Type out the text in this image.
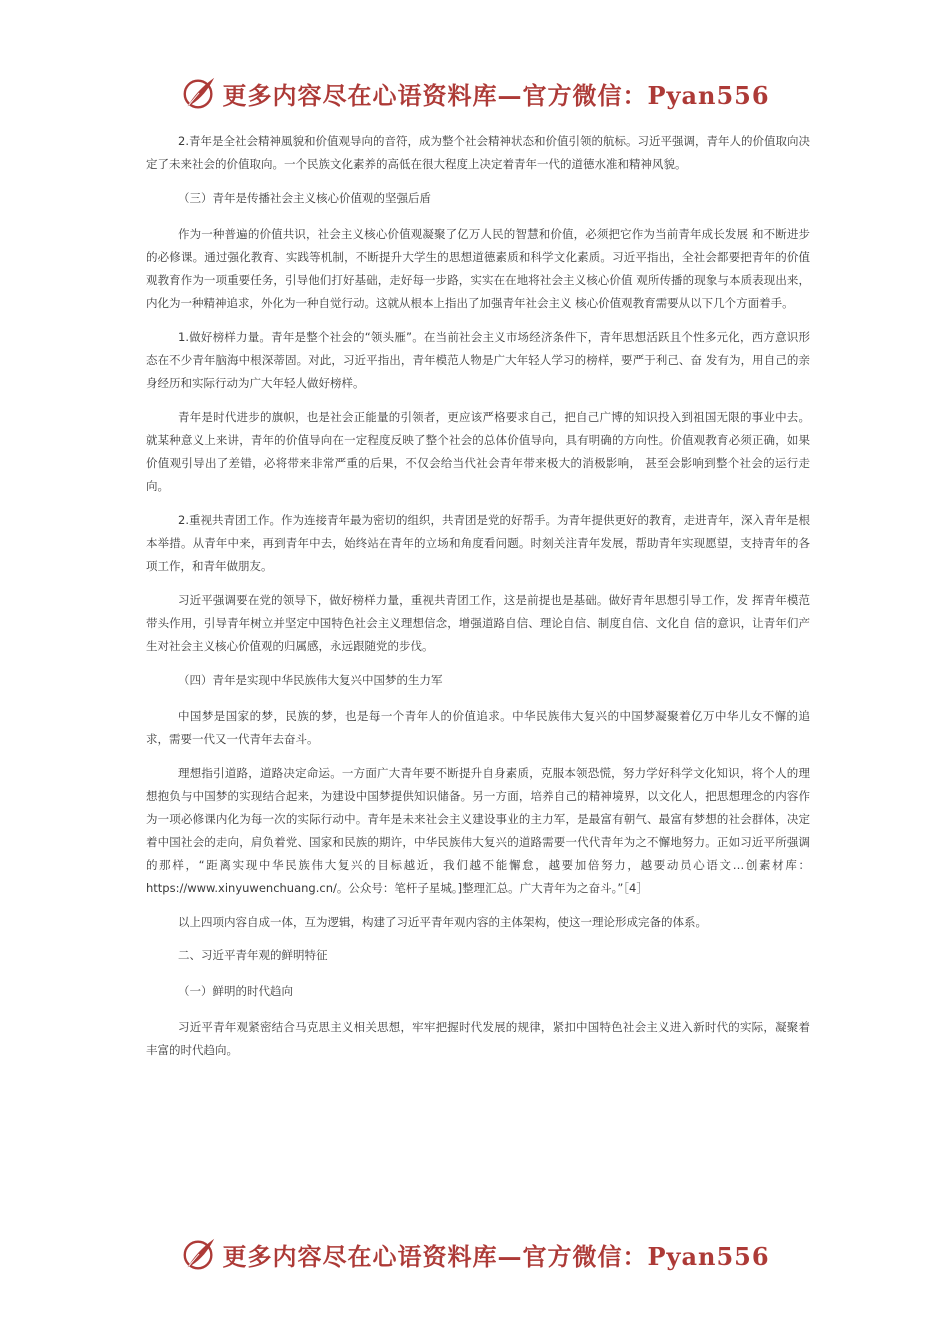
更多内容尽在心语资料库—官方微信：Pyan556

2.青年是全社会精神風貌和价值观导向的音符，成为整个社会精神状态和价值引领的航标。习近平强调，青年人的价值取向决定了未来社会的价值取向。一个民族文化素养的高低在很大程度上决定着青年一代的道德水准和精神风貌。

（三）青年是传播社会主义核心价值观的坚强后盾

作为一种普遍的价值共识，社会主义核心价值观凝聚了亿万人民的智慧和价值，必须把它作为当前青年成长发展 和不断进步的必修课。通过强化教育、实践等机制，不断提升大学生的思想道德素质和科学文化素质。习近平指出，全社会都要把青年的价值观教育作为一项重要任务，引导他们打好基础，走好每一步路，实实在在地将社会主义核心价值 观所传播的现象与本质表现出来，内化为一种精神追求，外化为一种自觉行动。这就从根本上指出了加强青年社会主义 核心价值观教育需要从以下几个方面着手。

1.做好榜样力量。青年是整个社会的“领头雁”。在当前社会主义市场经济条件下，青年思想活跃且个性多元化，西方意识形态在不少青年脑海中根深蒂固。对此，习近平指出，青年模范人物是广大年轻人学习的榜样，要严于利己、奋 发有为，用自己的亲身经历和实际行动为广大年轻人做好榜样。

青年是时代进步的旗帜，也是社会正能量的引领者，更应该严格要求自己，把自己广博的知识投入到祖国无限的事业中去。就某种意义上来讲，青年的价值导向在一定程度反映了整个社会的总体价值导向，具有明确的方向性。价值观教育必须正确，如果价值观引导出了差错，必将带来非常严重的后果，不仅会给当代社会青年带来极大的消极影响， 甚至会影响到整个社会的运行走向。

2.重视共青团工作。作为连接青年最为密切的组织，共青团是党的好帮手。为青年提供更好的教育，走进青年，深入青年是根本举措。从青年中来，再到青年中去，始终站在青年的立场和角度看问题。时刻关注青年发展，帮助青年实现愿望，支持青年的各项工作，和青年做朋友。

习近平强调要在党的领导下，做好榜样力量，重视共青团工作，这是前提也是基础。做好青年思想引导工作，发 挥青年模范带头作用，引导青年树立并坚定中国特色社会主义理想信念，增强道路自信、理论自信、制度自信、文化自 信的意识，让青年们产生对社会主义核心价值观的归属感，永远跟随党的步伐。

（四）青年是实现中华民族伟大复兴中国梦的生力军

中国梦是国家的梦，民族的梦，也是每一个青年人的价值追求。中华民族伟大复兴的中国梦凝聚着亿万中华儿女不懈的追求，需要一代又一代青年去奋斗。

理想指引道路，道路决定命运。一方面广大青年要不断提升自身素质，克服本领恐慌，努力学好科学文化知识，将个人的理想抱负与中国梦的实现结合起来，为建设中国梦提供知识储备。另一方面，培养自己的精神境界，以文化人，把思想理念的内容作为一项必修课内化为每一次的实际行动中。青年是未来社会主义建设事业的主力军，是最富有朝气、最富有梦想的社会群体，决定着中国社会的走向，肩负着党、国家和民族的期许，中华民族伟大复兴的道路需要一代代青年为之不懈地努力。正如习近平所强调的那样，“距离实现中华民族伟大复兴的目标越近，我们越不能懈怠，越要加倍努力，越要动员心语文…创素材库：https://www.xinyuwenchuang.cn/。公众号：笔杆子星城。]整理汇总。广大青年为之奋斗。”［4］

以上四项内容自成一体，互为逻辑，构建了习近平青年观内容的主体架构，使这一理论形成完备的体系。

二、习近平青年观的鲜明特征

（一）鲜明的时代趋向

习近平青年观紧密结合马克思主义相关思想，牢牢把握时代发展的规律，紧扣中国特色社会主义进入新时代的实际，凝聚着丰富的时代趋向。

更多内容尽在心语资料库—官方微信：Pyan556
